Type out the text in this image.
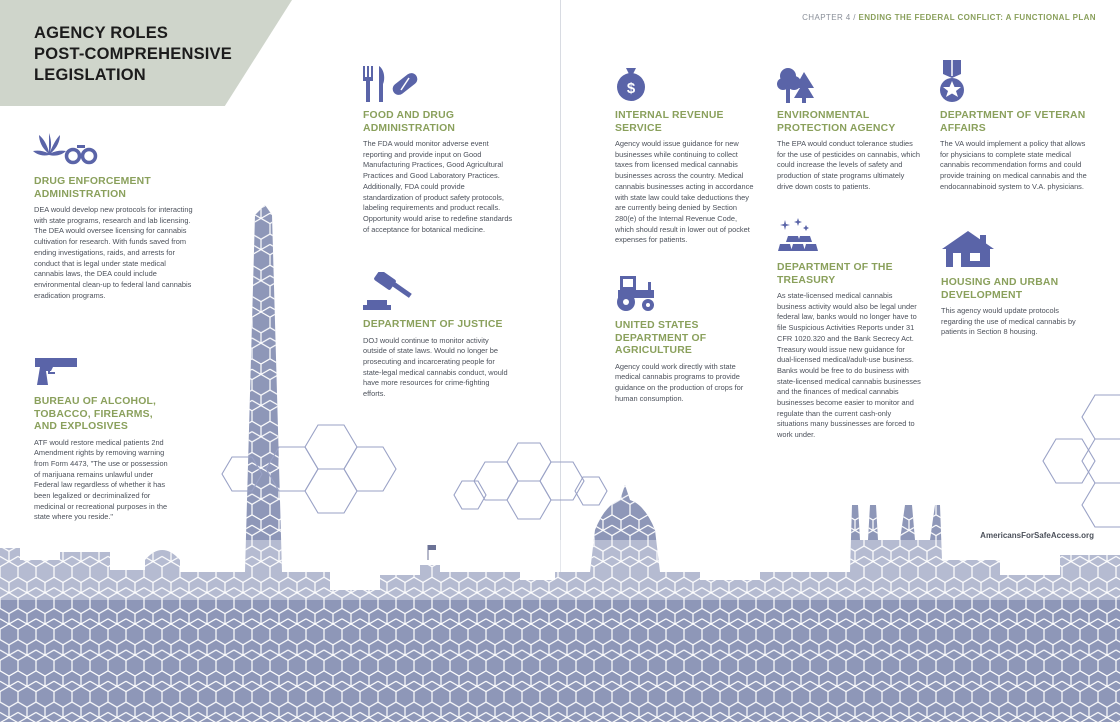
AGENCY ROLES
POST-COMPREHENSIVE
LEGISLATION
CHAPTER 4 / ENDING THE FEDERAL CONFLICT: A FUNCTIONAL PLAN
DRUG ENFORCEMENT ADMINISTRATION
DEA would develop new protocols for interacting with state programs, research and lab licensing. The DEA would oversee licensing for cannabis cultivation for research. With funds saved from ending investigations, raids, and arrests for conduct that is legal under state medical cannabis laws, the DEA could include environmental clean-up to federal land cannabis eradication programs.
BUREAU OF ALCOHOL, TOBACCO, FIREARMS, AND EXPLOSIVES
ATF would restore medical patients 2nd Amendment rights by removing warning from Form 4473, "The use or possession of marijuana remains unlawful under Federal law regardless of whether it has been legalized or decriminalized for medicinal or recreational purposes in the state where you reside."
FOOD AND DRUG ADMINISTRATION
The FDA would monitor adverse event reporting and provide input on Good Manufacturing Practices, Good Agricultural Practices and Good Laboratory Practices. Additionally, FDA could provide standardization of product safety protocols, labeling requirements and product recalls. Opportunity would arise to redefine standards of acceptance for botanical medicine.
DEPARTMENT OF JUSTICE
DOJ would continue to monitor activity outside of state laws. Would no longer be prosecuting and incarcerating people for state-legal medical cannabis conduct, would have more resources for crime-fighting efforts.
$
INTERNAL REVENUE SERVICE
Agency would issue guidance for new businesses while continuing to collect taxes from licensed medical cannabis businesses across the country. Medical cannabis businesses acting in accordance with state law could take deductions they are currently being denied by Section 280(e) of the Internal Revenue Code, which should result in lower out of pocket expenses for patients.
UNITED STATES DEPARTMENT OF AGRICULTURE
Agency could work directly with state medical cannabis programs to provide guidance on the production of crops for human consumption.
ENVIRONMENTAL PROTECTION AGENCY
The EPA would conduct tolerance studies for the use of pesticides on cannabis, which could increase the levels of safety and production of state programs ultimately drive down costs to patients.
DEPARTMENT OF THE TREASURY
As state-licensed medical cannabis business activity would also be legal under federal law, banks would no longer have to file Suspicious Activities Reports under 31 CFR 1020.320 and the Bank Secrecy Act. Treasury would issue new guidance for dual-licensed medical/adult-use business. Banks would be free to do business with state-licensed medical cannabis businesses and the finances of medical cannabis businesses become easier to monitor and regulate than the current cash-only situations many bussinesses are forced to work under.
DEPARTMENT OF VETERAN AFFAIRS
The VA would implement a policy that allows for physicians to complete state medical cannabis recommendation forms and could provide training on medical cannabis and the endocannabinoid system to V.A. physicians.
HOUSING AND URBAN DEVELOPMENT
This agency would update protocols regarding the use of medical cannabis by patients in Section 8 housing.
AmericansForSafeAccess.org
